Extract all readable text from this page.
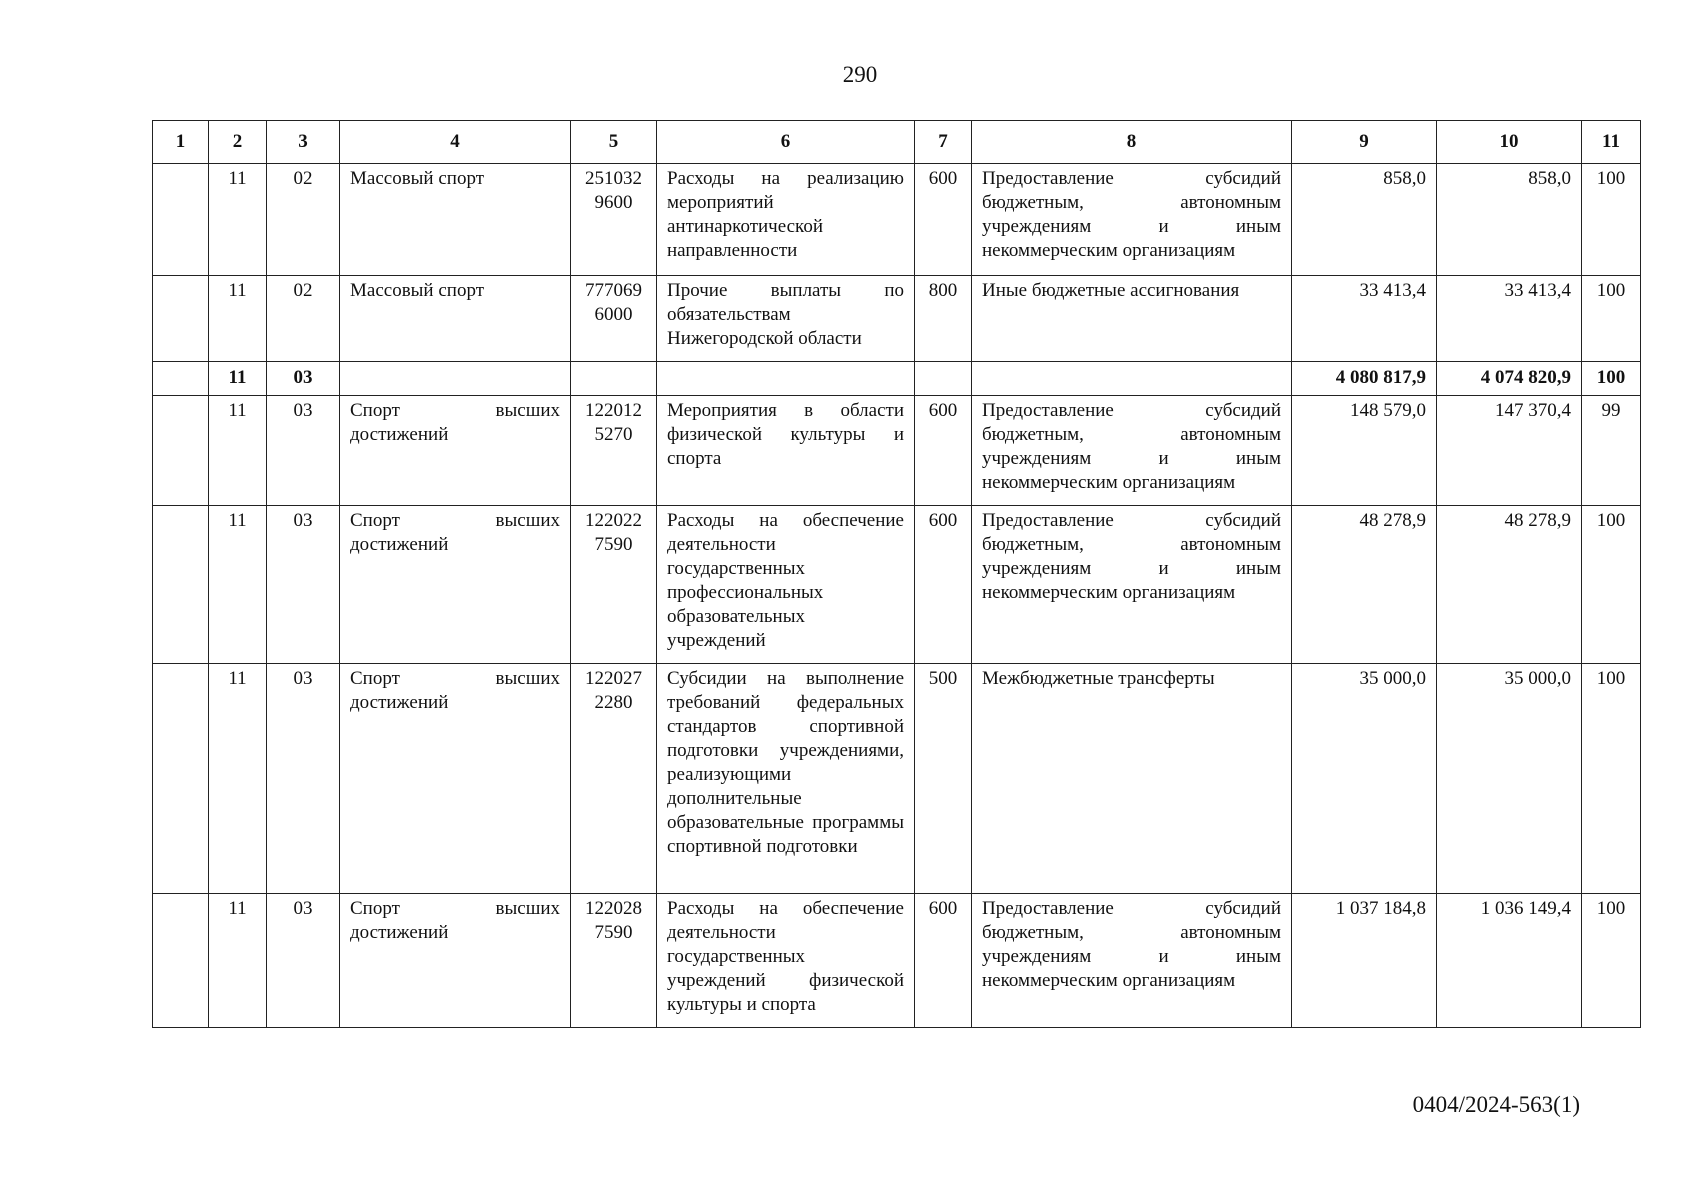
290
1	2	3	4	5	6	7	8	9	10	11
	11	02	Массовый спорт	2510329600	Расходы на реализацию мероприятий антинаркотической направленности	600	Предоставление субсидий бюджетным, автономным учреждениям и иным некоммерческим организациям	858,0	858,0	100
	11	02	Массовый спорт	7770696000	Прочие выплаты по обязательствам Нижегородской области	800	Иные бюджетные ассигнования	33 413,4	33 413,4	100
	11	03						4 080 817,9	4 074 820,9	100
	11	03	Спорт высших достижений	1220125270	Мероприятия в области физической культуры и спорта	600	Предоставление субсидий бюджетным, автономным учреждениям и иным некоммерческим организациям	148 579,0	147 370,4	99
	11	03	Спорт высших достижений	1220227590	Расходы на обеспечение деятельности государственных профессиональных образовательных учреждений	600	Предоставление субсидий бюджетным, автономным учреждениям и иным некоммерческим организациям	48 278,9	48 278,9	100
	11	03	Спорт высших достижений	1220272280	Субсидии на выполнение требований федеральных стандартов спортивной подготовки учреждениями, реализующими дополнительные образовательные программы спортивной подготовки	500	Межбюджетные трансферты	35 000,0	35 000,0	100
	11	03	Спорт высших достижений	1220287590	Расходы на обеспечение деятельности государственных учреждений физической культуры и спорта	600	Предоставление субсидий бюджетным, автономным учреждениям и иным некоммерческим организациям	1 037 184,8	1 036 149,4	100
0404/2024-563(1)
